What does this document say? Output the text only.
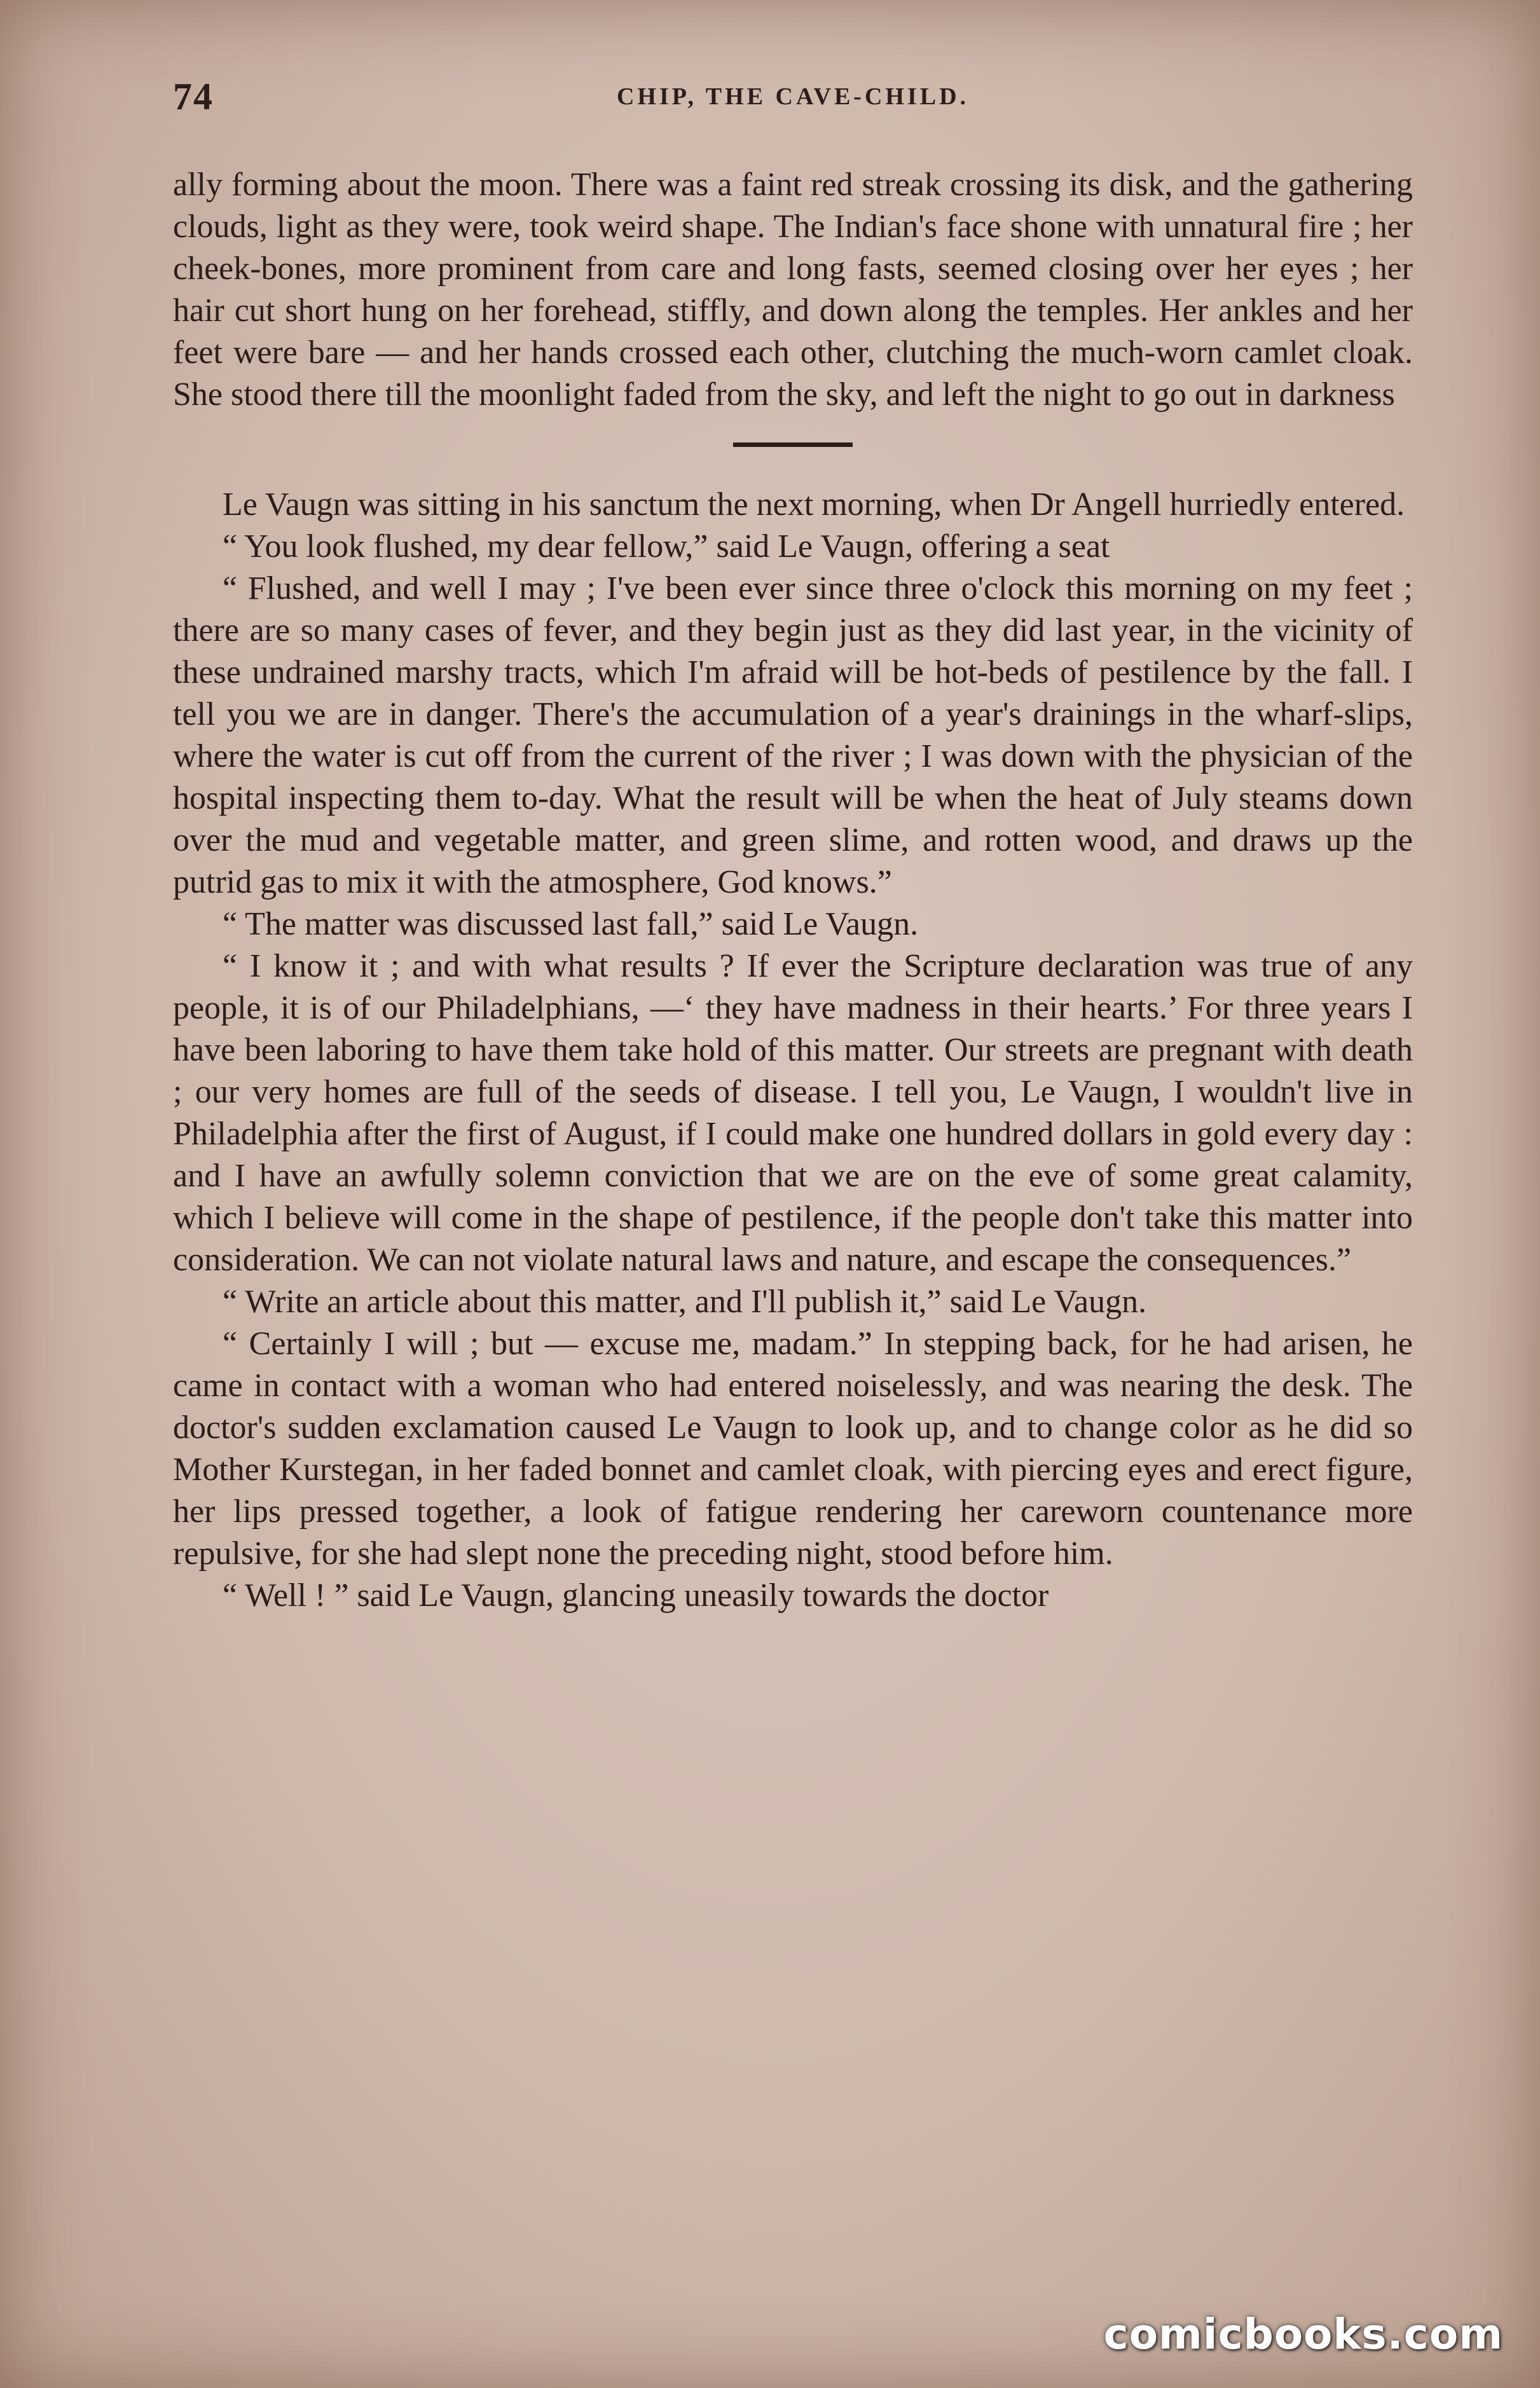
74	CHIP, THE CAVE-CHILD.

ally forming about the moon. There was a faint red streak crossing its disk, and the gathering clouds, light as they were, took weird shape. The Indian's face shone with unnatural fire ; her cheek-bones, more prominent from care and long fasts, seemed closing over her eyes ; her hair cut short hung on her forehead, stiffly, and down along the temples. Her ankles and her feet were bare — and her hands crossed each other, clutching the much-worn camlet cloak. She stood there till the moonlight faded from the sky, and left the night to go out in darkness

Le Vaugn was sitting in his sanctum the next morning, when Dr Angell hurriedly entered.

“ You look flushed, my dear fellow,” said Le Vaugn, offering a seat

“ Flushed, and well I may ; I've been ever since three o'clock this morning on my feet ; there are so many cases of fever, and they begin just as they did last year, in the vicinity of these undrained marshy tracts, which I'm afraid will be hot-beds of pestilence by the fall. I tell you we are in danger. There's the accumulation of a year's drainings in the wharf-slips, where the water is cut off from the current of the river ; I was down with the physician of the hospital inspecting them to-day. What the result will be when the heat of July steams down over the mud and vegetable matter, and green slime, and rotten wood, and draws up the putrid gas to mix it with the atmosphere, God knows.”

“ The matter was discussed last fall,” said Le Vaugn.

“ I know it ; and with what results ? If ever the Scripture declaration was true of any people, it is of our Philadelphians, —‘ they have madness in their hearts.’ For three years I have been laboring to have them take hold of this matter. Our streets are pregnant with death ; our very homes are full of the seeds of disease. I tell you, Le Vaugn, I wouldn't live in Philadelphia after the first of August, if I could make one hundred dollars in gold every day : and I have an awfully solemn conviction that we are on the eve of some great calamity, which I believe will come in the shape of pestilence, if the people don't take this matter into consideration. We can not violate natural laws and nature, and escape the consequences.”

“ Write an article about this matter, and I'll publish it,” said Le Vaugn.

“ Certainly I will ; but — excuse me, madam.” In stepping back, for he had arisen, he came in contact with a woman who had entered noiselessly, and was nearing the desk. The doctor's sudden exclamation caused Le Vaugn to look up, and to change color as he did so Mother Kurstegan, in her faded bonnet and camlet cloak, with piercing eyes and erect figure, her lips pressed together, a look of fatigue rendering her careworn countenance more repulsive, for she had slept none the preceding night, stood before him.

“ Well ! ” said Le Vaugn, glancing uneasily towards the doctor

comicbooks.com
